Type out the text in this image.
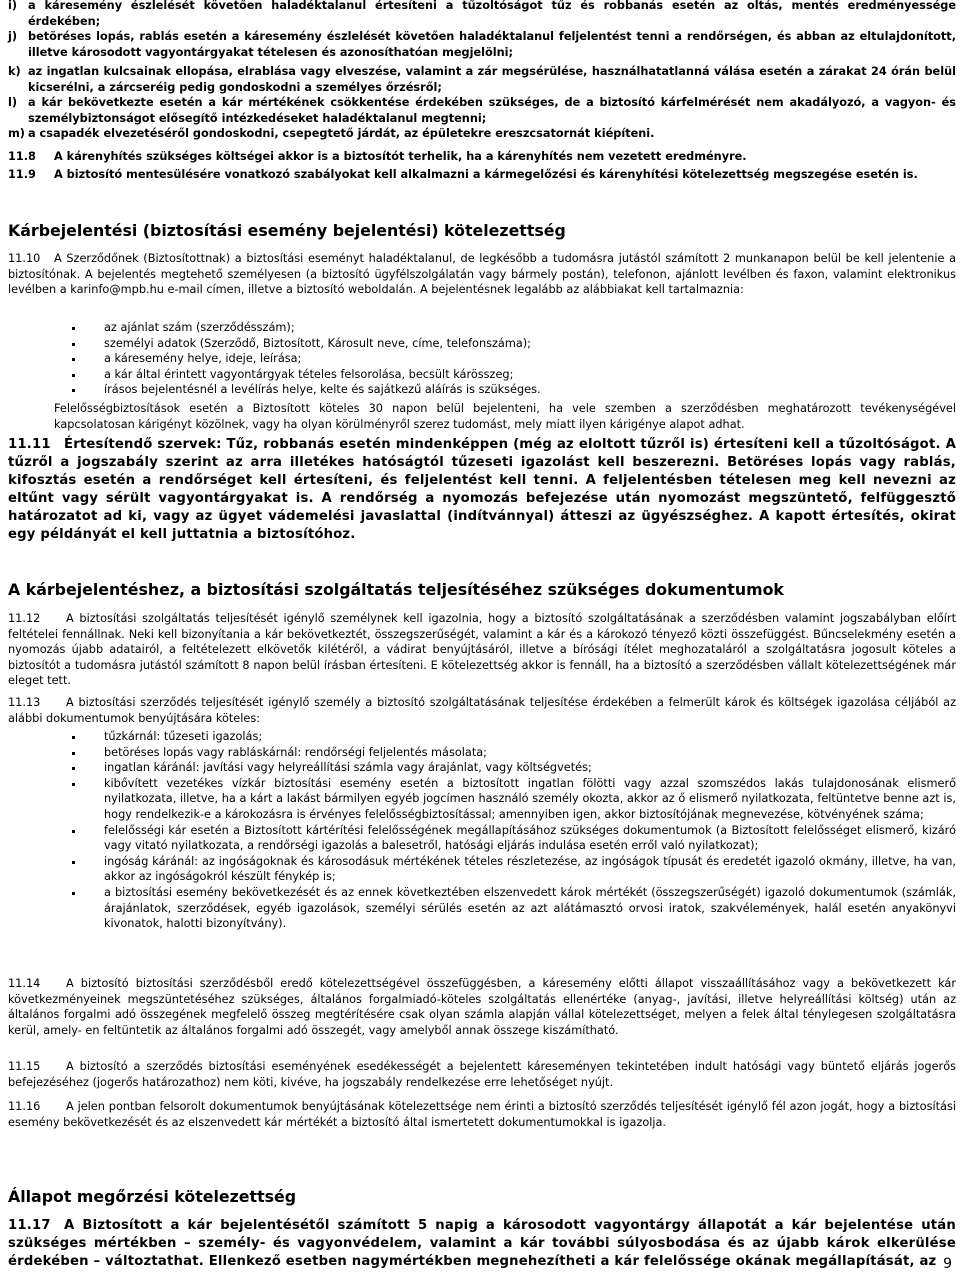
i) a káresemény észlelését követően haladéktalanul értesíteni a tűzoltóságot tűz és robbanás esetén az oltás, mentés eredményessége érdekében;
j) betöréses lopás, rablás esetén a káresemény észlelését követően haladéktalanul feljelentést tenni a rendőrségen, és abban az eltulajdonított, illetve károsodott vagyontárgyakat tételesen és azonosíthatóan megjelölni;
k) az ingatlan kulcsainak ellopása, elrablása vagy elveszése, valamint a zár megsérülése, használhatatlanná válása esetén a zárakat 24 órán belül kicserélni, a zárcseréig pedig gondoskodni a személyes őrzésről;
l) a kár bekövetkezte esetén a kár mértékének csökkentése érdekében szükséges, de a biztosító kárfelmérését nem akadályozó, a vagyon- és személybiztonságot elősegítő intézkedéseket haladéktalanul megtenni;
m) a csapadék elvezetéséről gondoskodni, csepegtető járdát, az épületekre ereszcsatornát kiépíteni.
11.8	A kárenyhítés szükséges költségei akkor is a biztosítót terhelik, ha a kárenyhítés nem vezetett eredményre.
11.9	A biztosító mentesülésére vonatkozó szabályokat kell alkalmazni a kármegelőzési és kárenyhítési kötelezettség megszegése esetén is.
Kárbejelentési (biztosítási esemény bejelentési) kötelezettség
11.10	A Szerződőnek (Biztosítottnak) a biztosítási eseményt haladéktalanul, de legkésőbb a tudomásra jutástól számított 2 munkanapon belül be kell jelentenie a biztosítónak. A bejelentés megtehető személyesen (a biztosító ügyfélszolgálatán vagy bármely postán), telefonon, ajánlott levélben és faxon, valamint elektronikus levélben a karinfo@mpb.hu e-mail címen, illetve a biztosító weboldalán. A bejelentésnek legalább az alábbiakat kell tartalmaznia:
az ajánlat szám (szerződésszám);
személyi adatok (Szerződő, Biztosított, Károsult neve, címe, telefonszáma);
a káresemény helye, ideje, leírása;
a kár által érintett vagyontárgyak tételes felsorolása, becsült kárösszeg;
írásos bejelentésnél a levélírás helye, kelte és sajátkezű aláírás is szükséges.
Felelősségbiztosítások esetén a Biztosított köteles 30 napon belül bejelenteni, ha vele szemben a szerződésben meghatározott tevékenységével kapcsolatosan kárigényt közölnek, vagy ha olyan körülményről szerez tudomást, mely miatt ilyen kárigénye alapot adhat.
11.11	Értesítendő szervek: Tűz, robbanás esetén mindenképpen (még az eloltott tűzről is) értesíteni kell a tűzoltóságot. A tűzről a jogszabály szerint az arra illetékes hatóságtól tűzeseti igazolást kell beszerezni. Betöréses lopás vagy rablás, kifosztás esetén a rendőrséget kell értesíteni, és feljelentést kell tenni. A feljelentésben tételesen meg kell nevezni az eltűnt vagy sérült vagyontárgyakat is. A rendőrség a nyomozás befejezése után nyomozást megszüntető, felfüggesztő határozatot ad ki, vagy az ügyet vádemelési javaslattal (indítvánnyal) átteszi az ügyészséghez. A kapott értesítés, okirat egy példányát el kell juttatnia a biztosítóhoz.
A kárbejelentéshez, a biztosítási szolgáltatás teljesítéséhez szükséges dokumentumok
11.12	A biztosítási szolgáltatás teljesítését igénylő személynek kell igazolnia, hogy a biztosító szolgáltatásának a szerződésben valamint jogszabályban előírt feltételei fennállnak. Neki kell bizonyítania a kár bekövetkeztét, összegszerűségét, valamint a kár és a károkozó tényező közti összefüggést. Bűncselekmény esetén a nyomozás újabb adatairól, a feltételezett elkövetők kilétéről, a vádirat benyújtásáról, illetve a bírósági ítélet meghozataláról a szolgáltatásra jogosult köteles a biztosítót a tudomásra jutástól számított 8 napon belül írásban értesíteni. E kötelezettség akkor is fennáll, ha a biztosító a szerződésben vállalt kötelezettségének már eleget tett.
11.13	A biztosítási szerződés teljesítését igénylő személy a biztosító szolgáltatásának teljesítése érdekében a felmerült károk és költségek igazolása céljából az alábbi dokumentumok benyújtására köteles:
tűzkárnál: tűzeseti igazolás;
betöréses lopás vagy rabláskárnál: rendőrségi feljelentés másolata;
ingatlan káránál: javítási vagy helyreállítási számla vagy árajánlat, vagy költségvetés;
kibővített vezetékes vízkár biztosítási esemény esetén a biztosított ingatlan fölötti vagy azzal szomszédos lakás tulajdonosának elismerő nyilatkozata, illetve, ha a kárt a lakást bármilyen egyéb jogcímen használó személy okozta, akkor az ő elismerő nyilatkozata, feltüntetve benne azt is, hogy rendelkezik-e a károkozásra is érvényes felelősségbiztosítással; amennyiben igen, akkor biztosítójának megnevezése, kötvényének száma;
felelősségi kár esetén a Biztosított kártérítési felelősségének megállapításához szükséges dokumentumok (a Biztosított felelősséget elismerő, kizáró vagy vitató nyilatkozata, a rendőrségi igazolás a balesetről, hatósági eljárás indulása esetén erről való nyilatkozat);
ingóság káránál: az ingóságoknak és károsodásuk mértékének tételes részletezése, az ingóságok típusát és eredetét igazoló okmány, illetve, ha van, akkor az ingóságokról készült fénykép is;
a biztosítási esemény bekövetkezését és az ennek következtében elszenvedett károk mértékét (összegszerűségét) igazoló dokumentumok (számlák, árajánlatok, szerződések, egyéb igazolások, személyi sérülés esetén az azt alátámasztó orvosi iratok, szakvélemények, halál esetén anyakönyvi kivonatok, halotti bizonyítvány).
11.14	A biztosító biztosítási szerződésből eredő kötelezettségével összefüggésben, a káresemény előtti állapot visszaállításához vagy a bekövetkezett kár következményeinek megszüntetéséhez szükséges, általános forgalmiadó-köteles szolgáltatás ellenértéke (anyag-, javítási, illetve helyreállítási költség) után az általános forgalmi adó összegének megfelelő összeg megtérítésére csak olyan számla alapján vállal kötelezettséget, melyen a felek által ténylegesen szolgáltatásra kerül, amely- en feltüntetik az általános forgalmi adó összegét, vagy amelyből annak összege kiszámítható.
11.15	A biztosító a szerződés biztosítási eseményének esedékességét a bejelentett káreseményen tekintetében indult hatósági vagy büntető eljárás jogerős befejezéséhez (jogerős határozathoz) nem köti, kivéve, ha jogszabály rendelkezése erre lehetőséget nyújt.
11.16	A jelen pontban felsorolt dokumentumok benyújtásának kötelezettsége nem érinti a biztosító szerződés teljesítését igénylő fél azon jogát, hogy a biztosítási esemény bekövetkezését és az elszenvedett kár mértékét a biztosító által ismertetett dokumentumokkal is igazolja.
Állapot megőrzési kötelezettség
11.17	A Biztosított a kár bejelentésétől számított 5 napig a károsodott vagyontárgy állapotát a kár bejelentése után szükséges mértékben – személy- és vagyonvédelem, valamint a kár további súlyosbodása és az újabb károk elkerülése érdekében – változtathat. Ellenkező esetben nagymértékben megnehezítheti a kár felelőssége okának megállapítását, az 9
